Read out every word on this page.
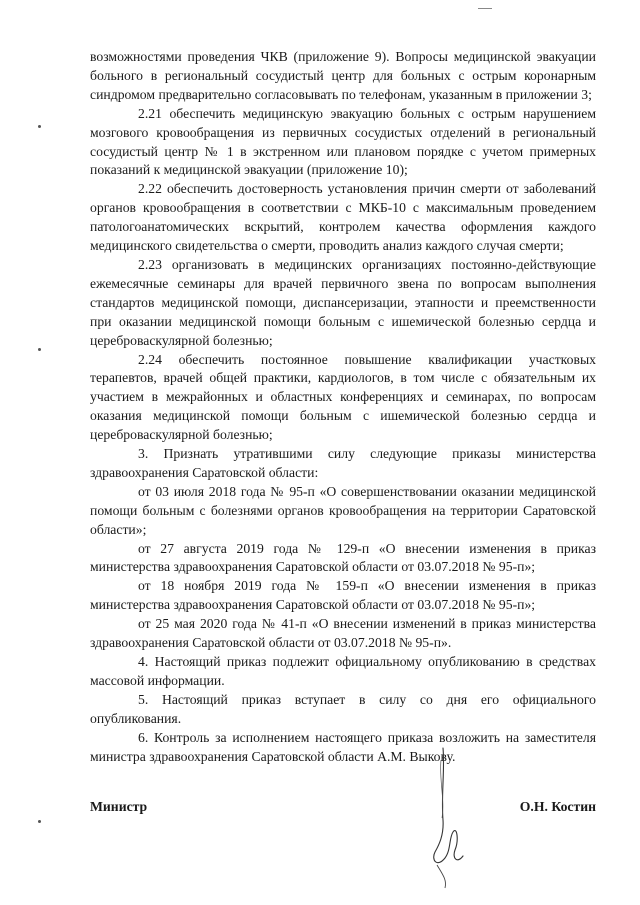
возможностями проведения ЧКВ (приложение 9). Вопросы медицинской эвакуации больного в региональный сосудистый центр для больных с острым коронарным синдромом предварительно согласовывать по телефонам, указанным в приложении 3;

2.21 обеспечить медицинскую эвакуацию больных с острым нарушением мозгового кровообращения из первичных сосудистых отделений в региональный сосудистый центр № 1 в экстренном или плановом порядке с учетом примерных показаний к медицинской эвакуации (приложение 10);

2.22 обеспечить достоверность установления причин смерти от заболеваний органов кровообращения в соответствии с МКБ-10 с максимальным проведением патологоанатомических вскрытий, контролем качества оформления каждого медицинского свидетельства о смерти, проводить анализ каждого случая смерти;

2.23 организовать в медицинских организациях постоянно-действующие ежемесячные семинары для врачей первичного звена по вопросам выполнения стандартов медицинской помощи, диспансеризации, этапности и преемственности при оказании медицинской помощи больным с ишемической болезнью сердца и цереброваскулярной болезнью;

2.24 обеспечить постоянное повышение квалификации участковых терапевтов, врачей общей практики, кардиологов, в том числе с обязательным их участием в межрайонных и областных конференциях и семинарах, по вопросам оказания медицинской помощи больным с ишемической болезнью сердца и цереброваскулярной болезнью;

3. Признать утратившими силу следующие приказы министерства здравоохранения Саратовской области:

от 03 июля 2018 года № 95-п «О совершенствовании оказании медицинской помощи больным с болезнями органов кровообращения на территории Саратовской области»;

от 27 августа 2019 года № 129-п «О внесении изменения в приказ министерства здравоохранения Саратовской области от 03.07.2018 № 95-п»;

от 18 ноября 2019 года № 159-п «О внесении изменения в приказ министерства здравоохранения Саратовской области от 03.07.2018 № 95-п»;

от 25 мая 2020 года № 41-п «О внесении изменений в приказ министерства здравоохранения Саратовской области от 03.07.2018 № 95-п».

4. Настоящий приказ подлежит официальному опубликованию в средствах массовой информации.

5. Настоящий приказ вступает в силу со дня его официального опубликования.

6. Контроль за исполнением настоящего приказа возложить на заместителя министра здравоохранения Саратовской области А.М. Выкову.

Министр	О.Н. Костин
